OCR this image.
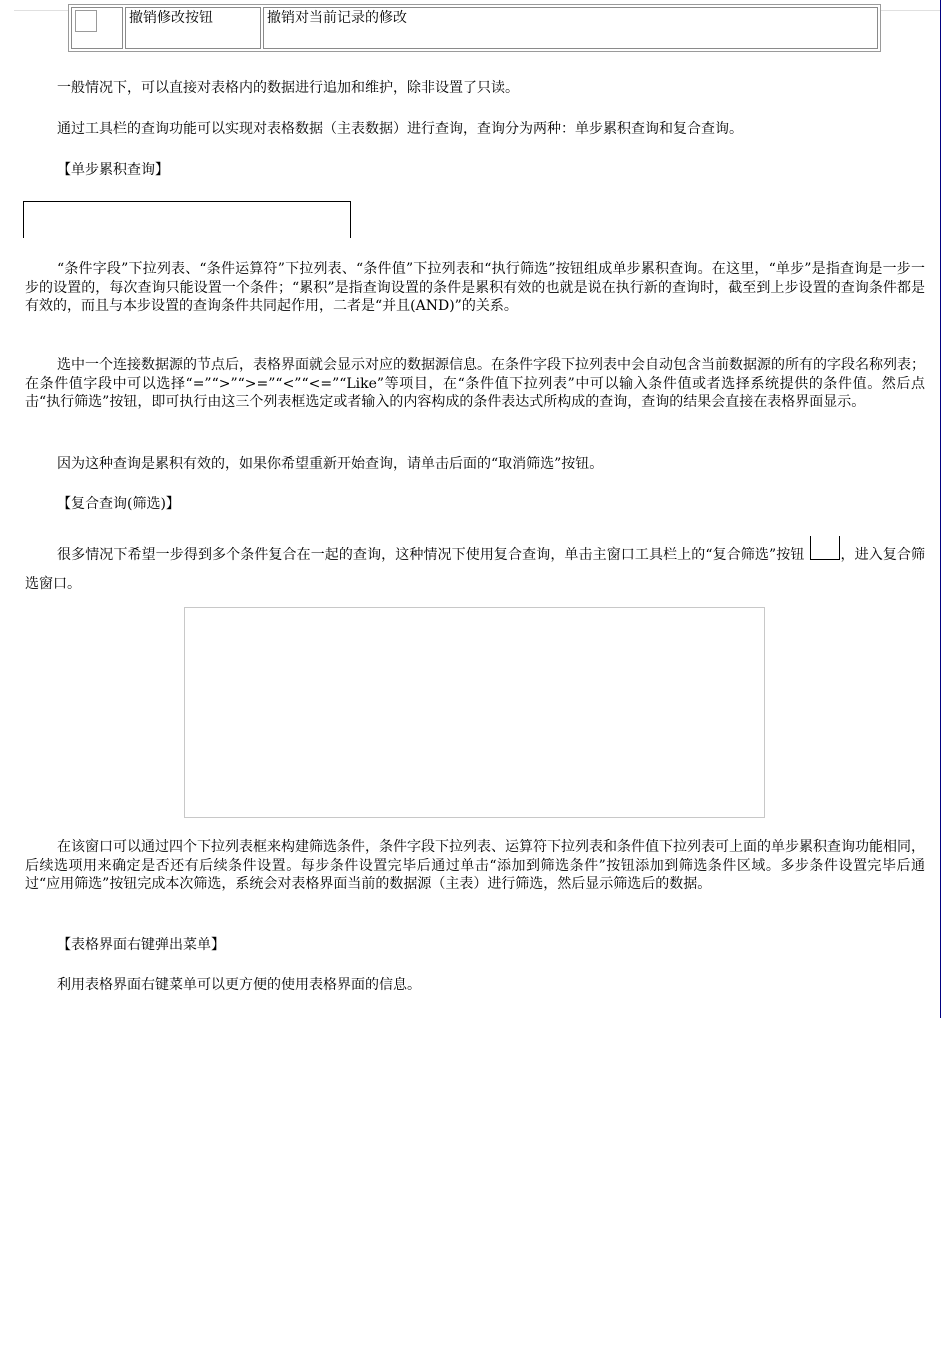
	撤销修改按钮	撤销对当前记录的修改

一般情况下，可以直接对表格内的数据进行追加和维护，除非设置了只读。

通过工具栏的查询功能可以实现对表格数据（主表数据）进行查询，查询分为两种：单步累积查询和复合查询。

【单步累积查询】

“条件字段”下拉列表、“条件运算符”下拉列表、“条件值”下拉列表和“执行筛选”按钮组成单步累积查询。在这里，“单步”是指查询是一步一步的设置的，每次查询只能设置一个条件；“累积”是指查询设置的条件是累积有效的也就是说在执行新的查询时，截至到上步设置的查询条件都是有效的，而且与本步设置的查询条件共同起作用，二者是“并且(AND)”的关系。

选中一个连接数据源的节点后，表格界面就会显示对应的数据源信息。在条件字段下拉列表中会自动包含当前数据源的所有的字段名称列表；在条件值字段中可以选择“=”“>”“>=”“<”“<=”“Like”等项目，在“条件值下拉列表”中可以输入条件值或者选择系统提供的条件值。然后点击“执行筛选”按钮，即可执行由这三个列表框选定或者输入的内容构成的条件表达式所构成的查询，查询的结果会直接在表格界面显示。

因为这种查询是累积有效的，如果你希望重新开始查询，请单击后面的“取消筛选”按钮。

【复合查询(筛选)】

很多情况下希望一步得到多个条件复合在一起的查询，这种情况下使用复合查询，单击主窗口工具栏上的“复合筛选”按钮	，进入复合筛选窗口。

在该窗口可以通过四个下拉列表框来构建筛选条件，条件字段下拉列表、运算符下拉列表和条件值下拉列表可上面的单步累积查询功能相同，后续选项用来确定是否还有后续条件设置。每步条件设置完毕后通过单击“添加到筛选条件”按钮添加到筛选条件区域。多步条件设置完毕后通过“应用筛选”按钮完成本次筛选，系统会对表格界面当前的数据源（主表）进行筛选，然后显示筛选后的数据。

【表格界面右键弹出菜单】

利用表格界面右键菜单可以更方便的使用表格界面的信息。
